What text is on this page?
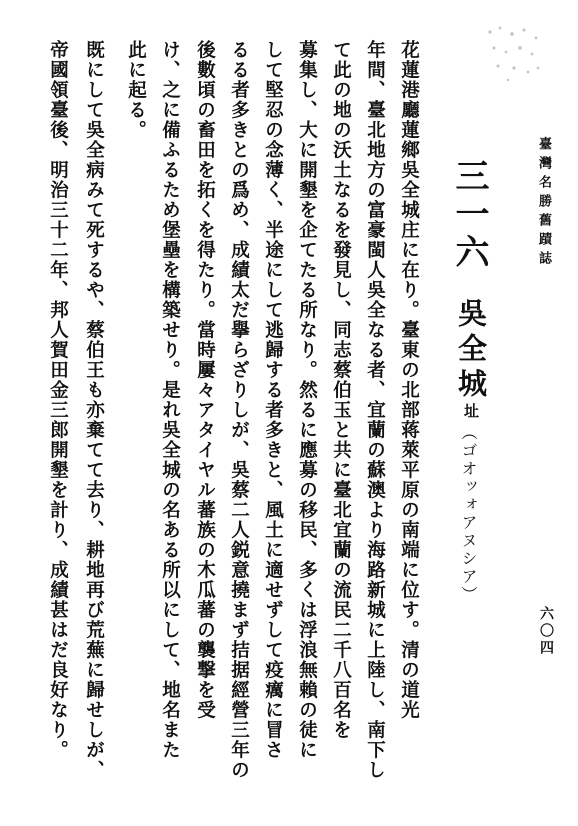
臺灣名勝舊蹟誌
六〇四
三一六
吳全城址
（ゴオッォアヌシア）
花蓮港廳蓮鄉吳全城庄に在り。臺東の北部蒋萊平原の南端に位す。清の道光
年間、臺北地方の富豪閩人吳全なる者、宜蘭の蘇澳より海路新城に上陸し、南下し
て此の地の沃土なるを發見し、同志蔡伯玉と共に臺北宜蘭の流民二千八百名を
募集し、大に開墾を企てたる所なり。然るに應募の移民、多くは浮浪無賴の徒に
して堅忍の念薄く、半途にして逃歸する者多きと、風土に適せずして疫癘に冒さ
るる者多きとの爲め、成績太だ擧らざりしが、吳蔡二人鋭意撓まず拮据經營三年の
後數頃の畜田を拓くを得たり。當時屢々アタイヤル蕃族の木瓜蕃の襲撃を受
け、之に備ふるため堡壘を構築せり。是れ吳全城の名ある所以にして、地名また
此に起る。
既にして吳全病みて死するや、蔡伯王も亦棄てて去り、耕地再び荒蕪に歸せしが、
帝國領臺後、明治三十二年、邦人賀田金三郎開墾を計り、成績甚はだ良好なり。
